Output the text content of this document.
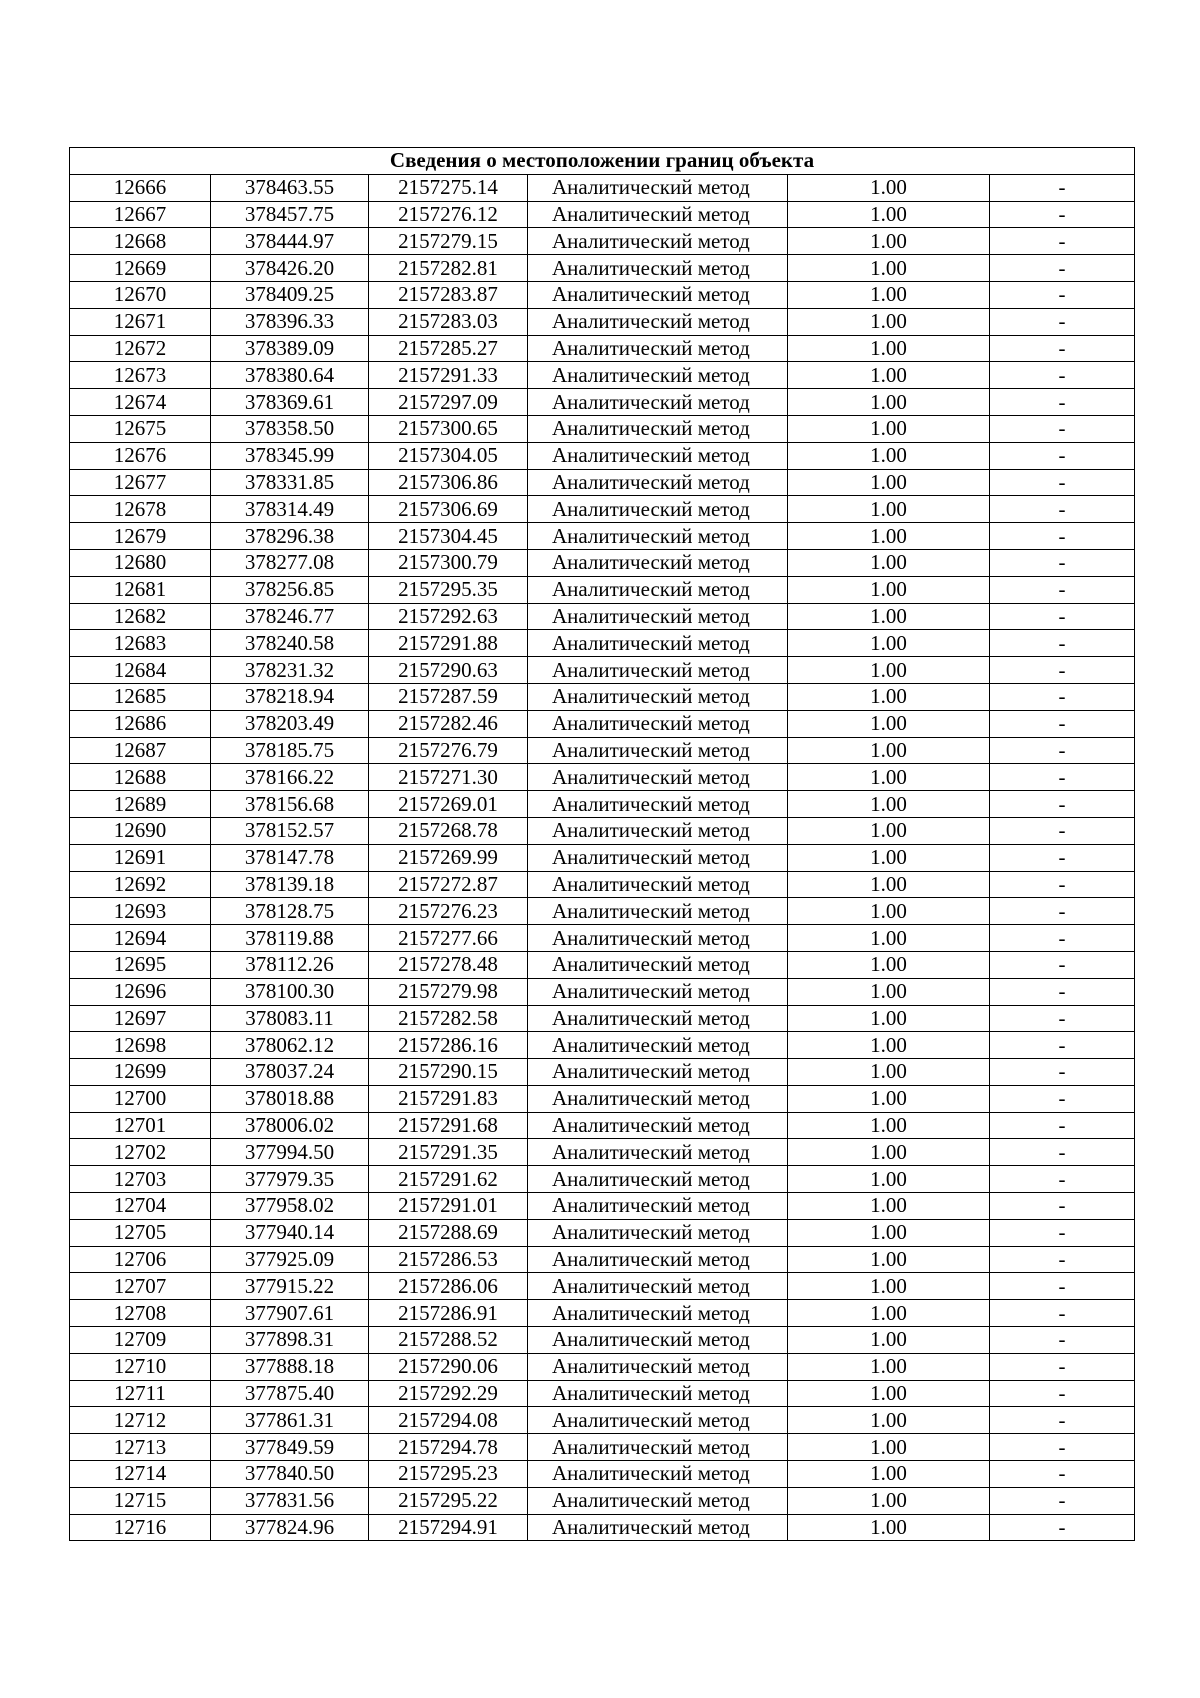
Сведения о местоположении границ объекта					
12666	378463.55	2157275.14	Аналитический метод	1.00	-
12667	378457.75	2157276.12	Аналитический метод	1.00	-
12668	378444.97	2157279.15	Аналитический метод	1.00	-
12669	378426.20	2157282.81	Аналитический метод	1.00	-
12670	378409.25	2157283.87	Аналитический метод	1.00	-
12671	378396.33	2157283.03	Аналитический метод	1.00	-
12672	378389.09	2157285.27	Аналитический метод	1.00	-
12673	378380.64	2157291.33	Аналитический метод	1.00	-
12674	378369.61	2157297.09	Аналитический метод	1.00	-
12675	378358.50	2157300.65	Аналитический метод	1.00	-
12676	378345.99	2157304.05	Аналитический метод	1.00	-
12677	378331.85	2157306.86	Аналитический метод	1.00	-
12678	378314.49	2157306.69	Аналитический метод	1.00	-
12679	378296.38	2157304.45	Аналитический метод	1.00	-
12680	378277.08	2157300.79	Аналитический метод	1.00	-
12681	378256.85	2157295.35	Аналитический метод	1.00	-
12682	378246.77	2157292.63	Аналитический метод	1.00	-
12683	378240.58	2157291.88	Аналитический метод	1.00	-
12684	378231.32	2157290.63	Аналитический метод	1.00	-
12685	378218.94	2157287.59	Аналитический метод	1.00	-
12686	378203.49	2157282.46	Аналитический метод	1.00	-
12687	378185.75	2157276.79	Аналитический метод	1.00	-
12688	378166.22	2157271.30	Аналитический метод	1.00	-
12689	378156.68	2157269.01	Аналитический метод	1.00	-
12690	378152.57	2157268.78	Аналитический метод	1.00	-
12691	378147.78	2157269.99	Аналитический метод	1.00	-
12692	378139.18	2157272.87	Аналитический метод	1.00	-
12693	378128.75	2157276.23	Аналитический метод	1.00	-
12694	378119.88	2157277.66	Аналитический метод	1.00	-
12695	378112.26	2157278.48	Аналитический метод	1.00	-
12696	378100.30	2157279.98	Аналитический метод	1.00	-
12697	378083.11	2157282.58	Аналитический метод	1.00	-
12698	378062.12	2157286.16	Аналитический метод	1.00	-
12699	378037.24	2157290.15	Аналитический метод	1.00	-
12700	378018.88	2157291.83	Аналитический метод	1.00	-
12701	378006.02	2157291.68	Аналитический метод	1.00	-
12702	377994.50	2157291.35	Аналитический метод	1.00	-
12703	377979.35	2157291.62	Аналитический метод	1.00	-
12704	377958.02	2157291.01	Аналитический метод	1.00	-
12705	377940.14	2157288.69	Аналитический метод	1.00	-
12706	377925.09	2157286.53	Аналитический метод	1.00	-
12707	377915.22	2157286.06	Аналитический метод	1.00	-
12708	377907.61	2157286.91	Аналитический метод	1.00	-
12709	377898.31	2157288.52	Аналитический метод	1.00	-
12710	377888.18	2157290.06	Аналитический метод	1.00	-
12711	377875.40	2157292.29	Аналитический метод	1.00	-
12712	377861.31	2157294.08	Аналитический метод	1.00	-
12713	377849.59	2157294.78	Аналитический метод	1.00	-
12714	377840.50	2157295.23	Аналитический метод	1.00	-
12715	377831.56	2157295.22	Аналитический метод	1.00	-
12716	377824.96	2157294.91	Аналитический метод	1.00	-
